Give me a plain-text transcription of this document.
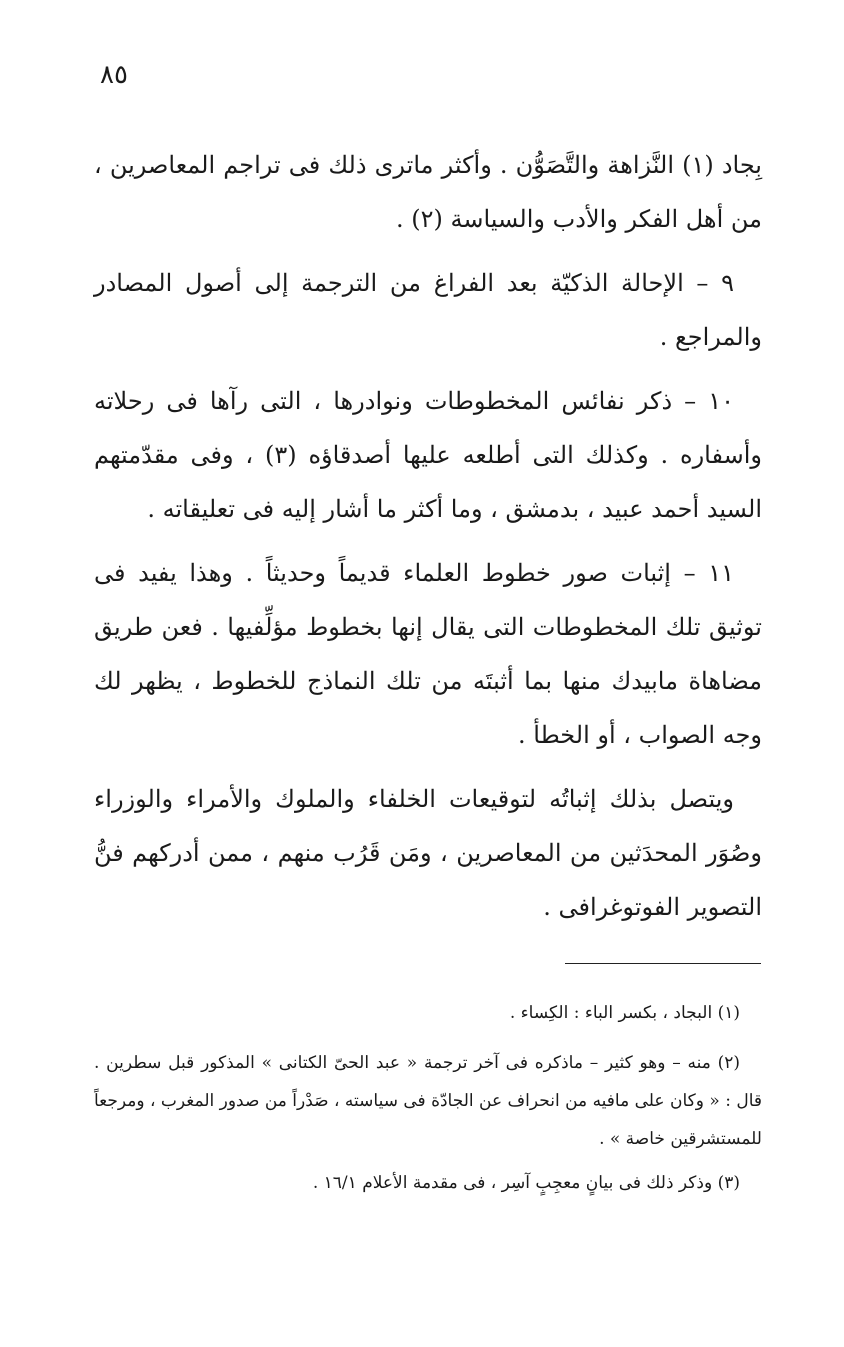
٨٥

بِجاد (١) النَّزاهة والتَّصَوُّن . وأكثر ماترى ذلك فى تراجم المعاصرين ، من أهل الفكر والأدب والسياسة (٢) .

٩ – الإحالة الذكيّة بعد الفراغ من الترجمة إلى أصول المصادر والمراجع .

١٠ – ذكر نفائس المخطوطات ونوادرها ، التى رآها فى رحلاته وأسفاره . وكذلك التى أطلعه عليها أصدقاؤه (٣) ، وفى مقدّمتهم السيد أحمد عبيد ، بدمشق ، وما أكثر ما أشار إليه فى تعليقاته .

١١ – إثبات صور خطوط العلماء قديماً وحديثاً . وهذا يفيد فى توثيق تلك المخطوطات التى يقال إنها بخطوط مؤلِّفيها . فعن طريق مضاهاة مابيدك منها بما أثبتَه من تلك النماذج للخطوط ، يظهر لك وجه الصواب ، أو الخطأ .

ويتصل بذلك إثباتُه لتوقيعات الخلفاء والملوك والأمراء والوزراء وصُوَر المحدَثين من المعاصرين ، ومَن قَرُب منهم ، ممن أدركهم فنُّ التصوير الفوتوغرافى .

(١) البجاد ، بكسر الباء : الكِساء .

(٢) منه – وهو كثير – ماذكره فى آخر ترجمة « عبد الحىّ الكتانى » المذكور قبل سطرين . قال : « وكان على مافيه من انحراف عن الجادّة فى سياسته ، صَدْراً من صدور المغرب ، ومرجعاً للمستشرقين خاصة » .

(٣) وذكر ذلك فى بيانٍ معجِبٍ آسِر ، فى مقدمة الأعلام ١٦/١ .
